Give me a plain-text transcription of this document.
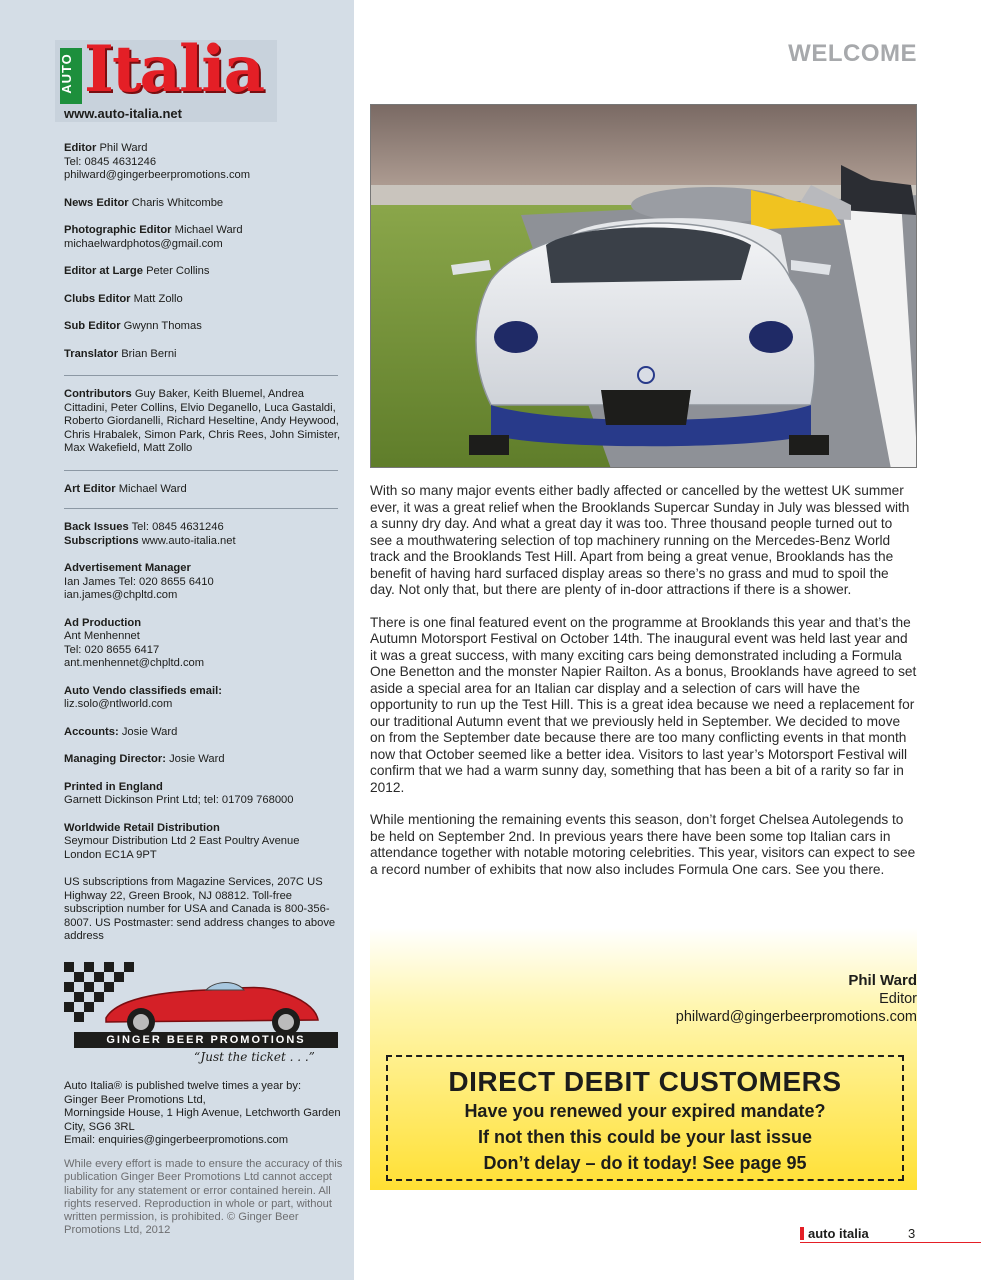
AUTO Italia
www.auto-italia.net
Editor Phil Ward
Tel: 0845 4631246
philward@gingerbeerpromotions.com
News Editor Charis Whitcombe
Photographic Editor Michael Ward
michaelwardphotos@gmail.com
Editor at Large Peter Collins
Clubs Editor Matt Zollo
Sub Editor Gwynn Thomas
Translator Brian Berni
Contributors Guy Baker, Keith Bluemel, Andrea Cittadini, Peter Collins, Elvio Deganello, Luca Gastaldi, Roberto Giordanelli, Richard Heseltine, Andy Heywood, Chris Hrabalek, Simon Park, Chris Rees, John Simister, Max Wakefield, Matt Zollo
Art Editor Michael Ward
Back Issues Tel: 0845 4631246
Subscriptions www.auto-italia.net
Advertisement Manager
Ian James Tel: 020 8655 6410
ian.james@chpltd.com
Ad Production
Ant Menhennet
Tel: 020 8655 6417
ant.menhennet@chpltd.com
Auto Vendo classifieds email:
liz.solo@ntlworld.com
Accounts: Josie Ward
Managing Director: Josie Ward
Printed in England
Garnett Dickinson Print Ltd; tel: 01709 768000
Worldwide Retail Distribution
Seymour Distribution Ltd 2 East Poultry Avenue
London EC1A 9PT
US subscriptions from Magazine Services, 207C US Highway 22, Green Brook, NJ 08812. Toll-free subscription number for USA and Canada is 800-356-8007. US Postmaster: send address changes to above address
GINGER BEER PROMOTIONS
“Just the ticket . . .”
Auto Italia® is published twelve times a year by:
Ginger Beer Promotions Ltd,
Morningside House, 1 High Avenue, Letchworth Garden City, SG6 3RL
Email: enquiries@gingerbeerpromotions.com
While every effort is made to ensure the accuracy of this publication Ginger Beer Promotions Ltd cannot accept liability for any statement or error contained herein. All rights reserved. Reproduction in whole or part, without written permission, is prohibited. © Ginger Beer Promotions Ltd, 2012
WELCOME

With so many major events either badly affected or cancelled by the wettest UK summer ever, it was a great relief when the Brooklands Supercar Sunday in July was blessed with a sunny dry day. And what a great day it was too. Three thousand people turned out to see a mouthwatering selection of top machinery running on the Mercedes-Benz World track and the Brooklands Test Hill. Apart from being a great venue, Brooklands has the benefit of having hard surfaced display areas so there’s no grass and mud to spoil the day. Not only that, but there are plenty of in-door attractions if there is a shower.

There is one final featured event on the programme at Brooklands this year and that’s the Autumn Motorsport Festival on October 14th. The inaugural event was held last year and it was a great success, with many exciting cars being demonstrated including a Formula One Benetton and the monster Napier Railton. As a bonus, Brooklands have agreed to set aside a special area for an Italian car display and a selection of cars will have the opportunity to run up the Test Hill. This is a great idea because we need a replacement for our traditional Autumn event that we previously held in September. We decided to move on from the September date because there are too many conflicting events in that month now that October seemed like a better idea. Visitors to last year’s Motorsport Festival will confirm that we had a warm sunny day, something that has been a bit of a rarity so far in 2012.

While mentioning the remaining events this season, don’t forget Chelsea Autolegends to be held on September 2nd. In previous years there have been some top Italian cars in attendance together with notable motoring celebrities. This year, visitors can expect to see a record number of exhibits that now also includes Formula One cars. See you there.

Phil Ward
Editor
philward@gingerbeerpromotions.com
DIRECT DEBIT CUSTOMERS
Have you renewed your expired mandate?
If not then this could be your last issue
Don’t delay – do it today! See page 95
auto italia	3
